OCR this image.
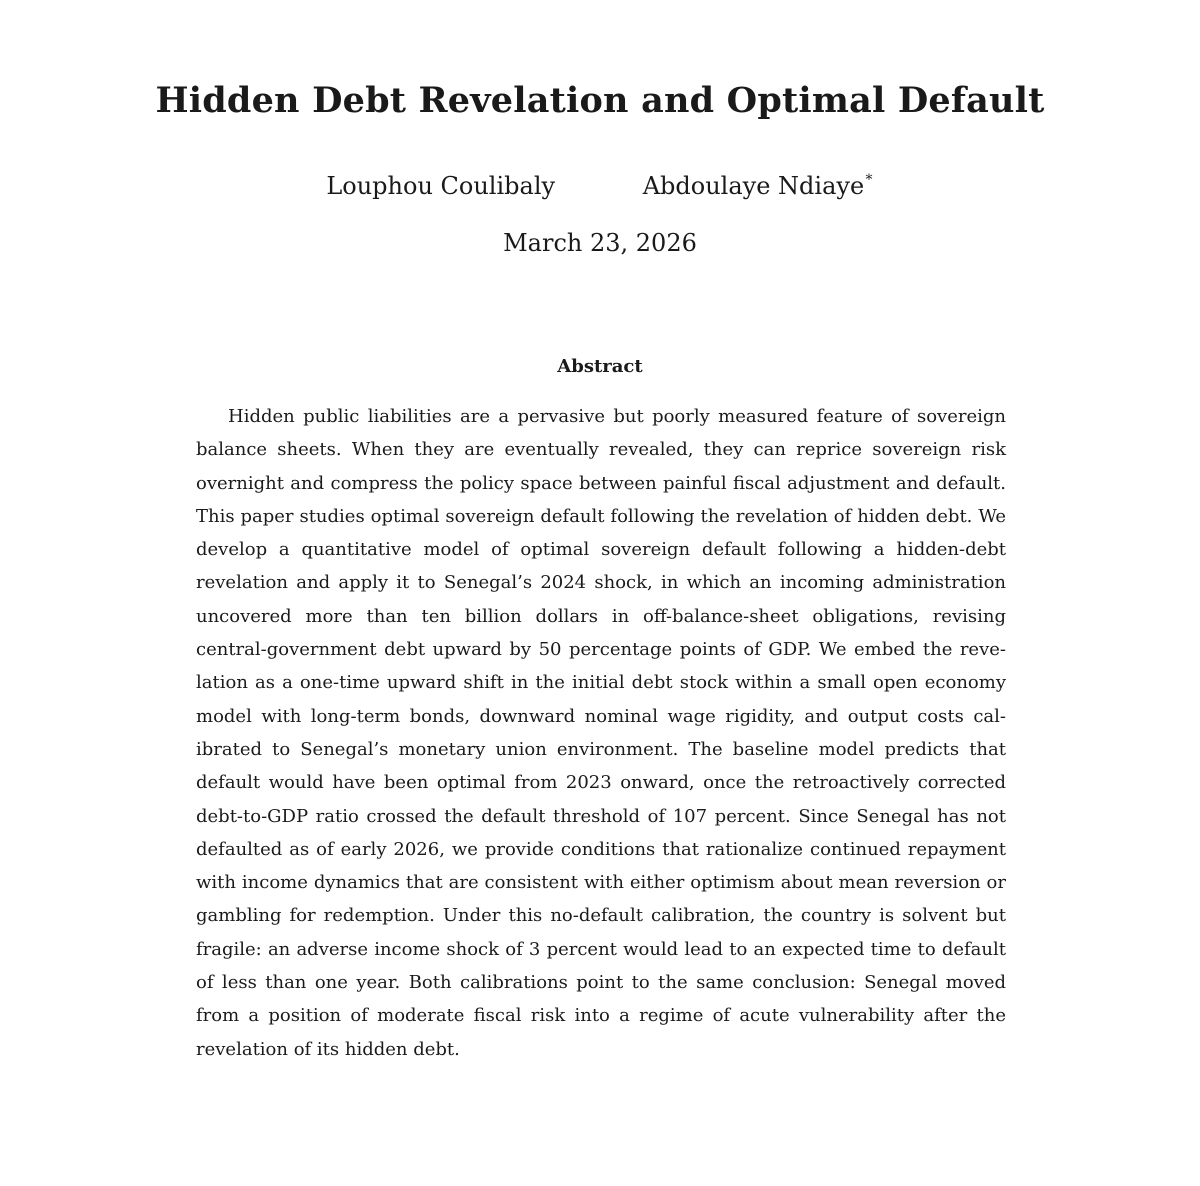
Hidden Debt Revelation and Optimal Default
Louphou Coulibaly	Abdoulaye Ndiaye∗
March 23, 2026
Abstract

Hidden public liabilities are a pervasive but poorly measured feature of sovereign balance sheets. When they are eventually revealed, they can reprice sovereign risk overnight and compress the policy space between painful fiscal adjustment and default. This paper studies optimal sovereign default following the revelation of hidden debt. We develop a quantitative model of optimal sovereign default following a hidden-debt revelation and apply it to Senegal’s 2024 shock, in which an incoming administration uncovered more than ten billion dollars in off-balance-sheet obligations, revising central-government debt upward by 50 percentage points of GDP. We embed the revelation as a one-time upward shift in the initial debt stock within a small open economy model with long-term bonds, downward nominal wage rigidity, and output costs calibrated to Senegal’s monetary union environment. The baseline model predicts that default would have been optimal from 2023 onward, once the retroactively corrected debt-to-GDP ratio crossed the default threshold of 107 percent. Since Senegal has not defaulted as of early 2026, we provide conditions that rationalize continued repayment with income dynamics that are consistent with either optimism about mean reversion or gambling for redemption. Under this no-default calibration, the country is solvent but fragile: an adverse income shock of 3 percent would lead to an expected time to default of less than one year. Both calibrations point to the same conclusion: Senegal moved from a position of moderate fiscal risk into a regime of acute vulnerability after the revelation of its hidden debt.
